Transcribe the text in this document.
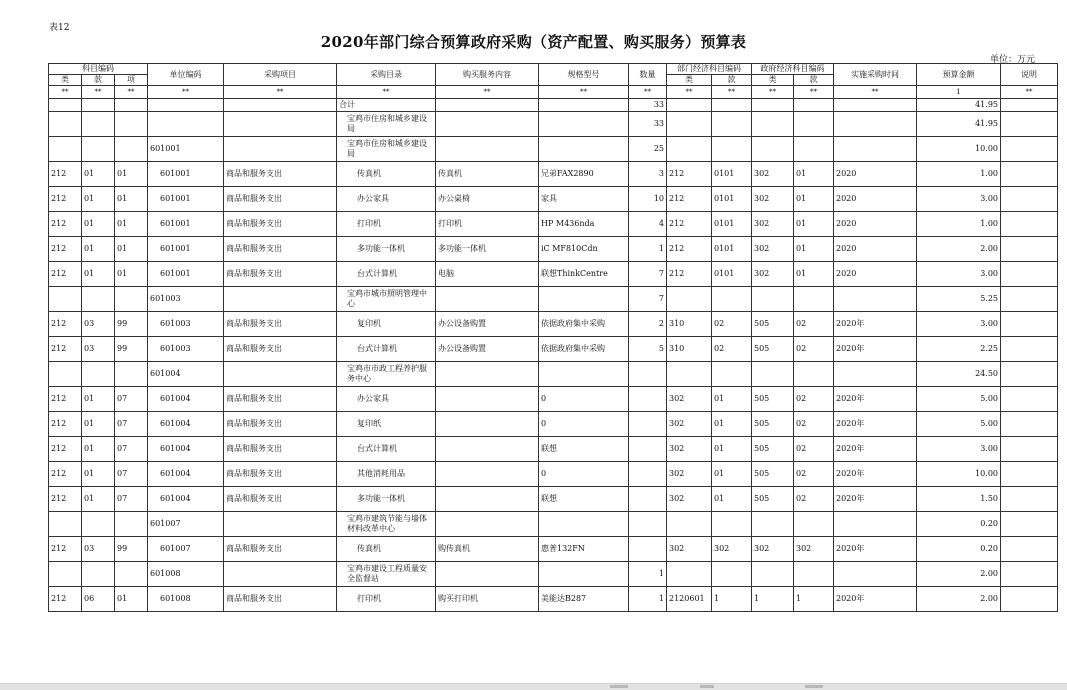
表12
2020年部门综合预算政府采购（资产配置、购买服务）预算表
单位：万元
科目编码			单位编码	采购项目	采购目录	购买服务内容	规格型号	数量	部门经济科目编码		政府经济科目编码		实施采购时间	预算金额	说明
类	款	项							类	款	类	款			
**	**	**	**	**	**	**	**	**	**	**	**	**	**	1	**
					合计			33						41.95	
					宝鸡市住房和城乡建设局			33						41.95	
			601001		宝鸡市住房和城乡建设局			25						10.00	
212	01	01	601001	商品和服务支出	传真机	传真机	兄弟FAX2890	3	212	0101	302	01	2020	1.00	
212	01	01	601001	商品和服务支出	办公家具	办公桌椅	家具	10	212	0101	302	01	2020	3.00	
212	01	01	601001	商品和服务支出	打印机	打印机	HP M436nda	4	212	0101	302	01	2020	1.00	
212	01	01	601001	商品和服务支出	多功能一体机	多功能一体机	iC MF810Cdn	1	212	0101	302	01	2020	2.00	
212	01	01	601001	商品和服务支出	台式计算机	电脑	联想ThinkCentre	7	212	0101	302	01	2020	3.00	
			601003		宝鸡市城市照明管理中心			7						5.25	
212	03	99	601003	商品和服务支出	复印机	办公设备购置	依据政府集中采购	2	310	02	505	02	2020年	3.00	
212	03	99	601003	商品和服务支出	台式计算机	办公设备购置	依据政府集中采购	5	310	02	505	02	2020年	2.25	
			601004		宝鸡市市政工程养护服务中心									24.50	
212	01	07	601004	商品和服务支出	办公家具		0		302	01	505	02	2020年	5.00	
212	01	07	601004	商品和服务支出	复印纸		0		302	01	505	02	2020年	5.00	
212	01	07	601004	商品和服务支出	台式计算机		联想		302	01	505	02	2020年	3.00	
212	01	07	601004	商品和服务支出	其他消耗用品		0		302	01	505	02	2020年	10.00	
212	01	07	601004	商品和服务支出	多功能一体机		联想		302	01	505	02	2020年	1.50	
			601007		宝鸡市建筑节能与墙体材料改革中心									0.20	
212	03	99	601007	商品和服务支出	传真机	购传真机	惠普132FN		302	302	302	302	2020年	0.20	
			601008		宝鸡市建设工程质量安全监督站			1						2.00	
212	06	01	601008	商品和服务支出	打印机	购买打印机	美能达B287	1	2120601	1	1	1	2020年	2.00	
